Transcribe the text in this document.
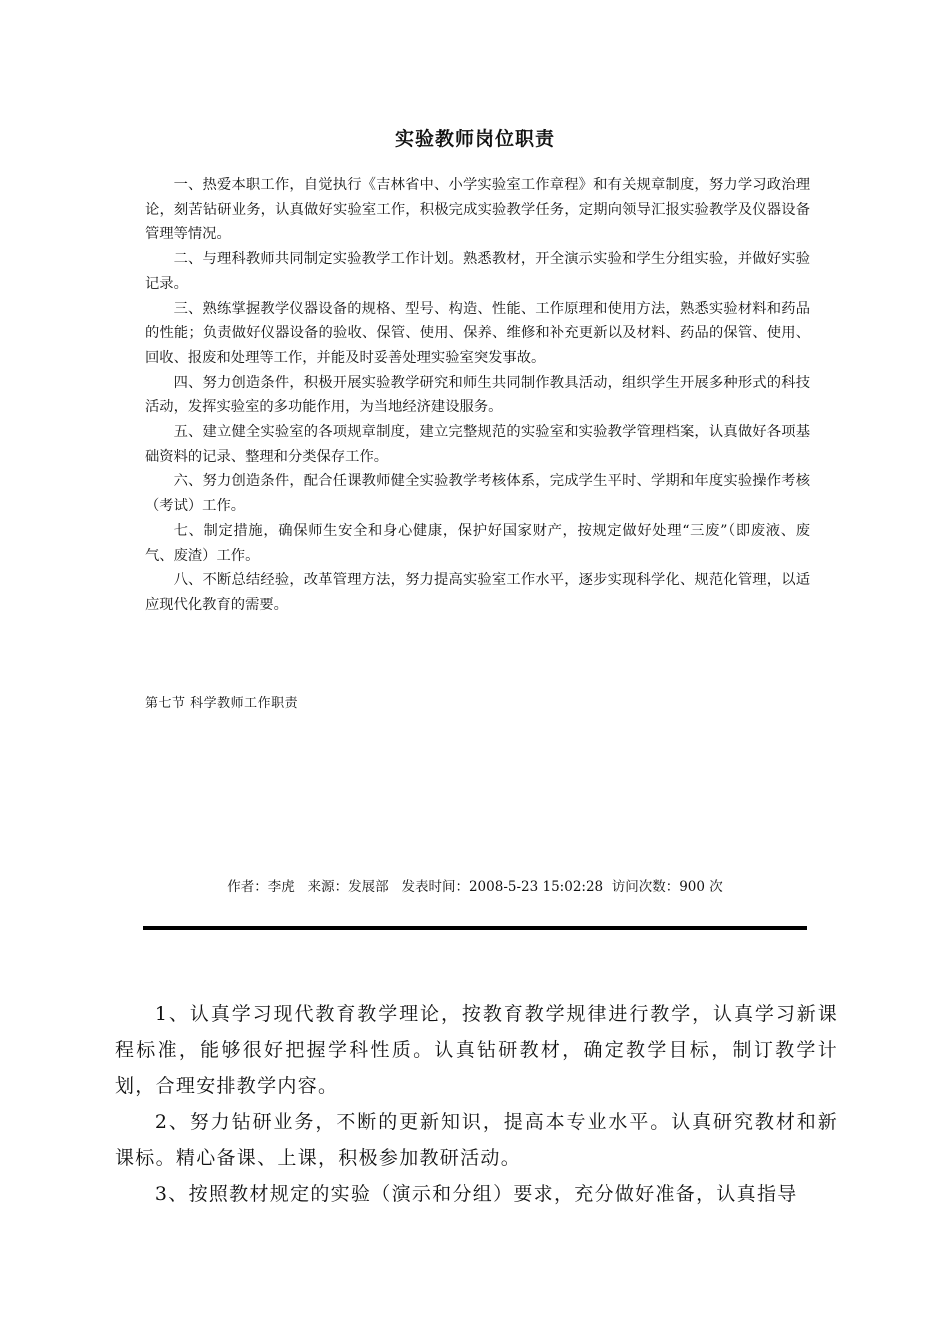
实验教师岗位职责

一、热爱本职工作，自觉执行《吉林省中、小学实验室工作章程》和有关规章制度，努力学习政治理论，刻苦钻研业务，认真做好实验室工作，积极完成实验教学任务，定期向领导汇报实验教学及仪器设备管理等情况。

二、与理科教师共同制定实验教学工作计划。熟悉教材，开全演示实验和学生分组实验，并做好实验记录。

三、熟练掌握教学仪器设备的规格、型号、构造、性能、工作原理和使用方法，熟悉实验材料和药品的性能；负责做好仪器设备的验收、保管、使用、保养、维修和补充更新以及材料、药品的保管、使用、回收、报废和处理等工作，并能及时妥善处理实验室突发事故。

四、努力创造条件，积极开展实验教学研究和师生共同制作教具活动，组织学生开展多种形式的科技活动，发挥实验室的多功能作用，为当地经济建设服务。

五、建立健全实验室的各项规章制度，建立完整规范的实验室和实验教学管理档案，认真做好各项基础资料的记录、整理和分类保存工作。

六、努力创造条件，配合任课教师健全实验教学考核体系，完成学生平时、学期和年度实验操作考核（考试）工作。

七、制定措施，确保师生安全和身心健康，保护好国家财产，按规定做好处理“三废”（即废液、废气、废渣）工作。

八、不断总结经验，改革管理方法，努力提高实验室工作水平，逐步实现科学化、规范化管理，以适应现代化教育的需要。

第七节 科学教师工作职责
作者：李虎   来源：发展部   发表时间：2008-5-23 15:02:28  访问次数：900 次

1、认真学习现代教育教学理论，按教育教学规律进行教学，认真学习新课程标准，能够很好把握学科性质。认真钻研教材，确定教学目标，制订教学计划，合理安排教学内容。

2、努力钻研业务，不断的更新知识，提高本专业水平。认真研究教材和新课标。精心备课、上课，积极参加教研活动。

3、按照教材规定的实验（演示和分组）要求，充分做好准备，认真指导
